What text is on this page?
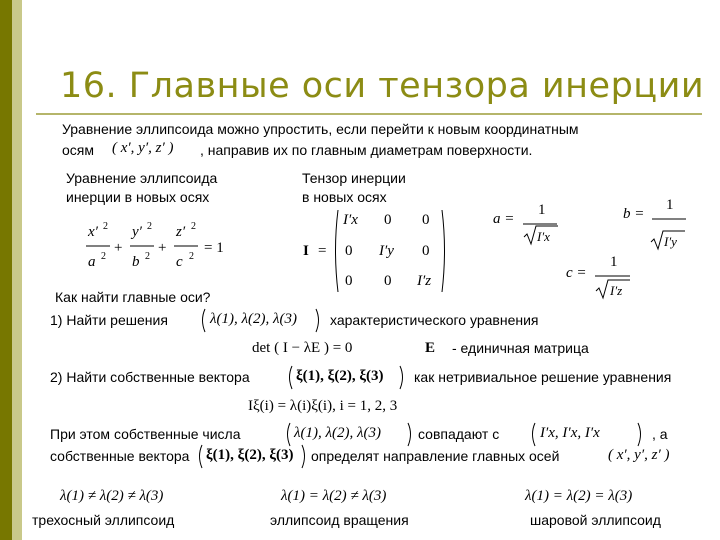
16. Главные оси тензора инерции
Уравнение эллипсоида можно упростить, если перейти к новым координатным
осям ( x′, y′, z′ ) , направив их по главным диаметрам поверхности.
Уравнение эллипсоида
инерции в новых осях
x′ 2
a 2
+
y′ 2
b 2
+
z′ 2
c 2
= 1
Тензор инерции
в новых осях
I =
I′x 0 0
0 I′y 0
0 0 I′z
a =
1
I′x
b =
1
I′y
c =
1
I′z
Как найти главные оси?
1) Найти решения	λ(1), λ(2), λ(3) характеристического уравнения
det ( I − λE ) = 0	E - единичная матрица
2) Найти собственные вектора	ξ(1), ξ(2), ξ(3) как нетривиальное решение уравнения
Iξ(i) = λ(i)ξ(i), i = 1, 2, 3
При этом собственные числа	λ(1), λ(2), λ(3)	совпадают с	I′x, I′x, I′x	, а
собственные вектора ξ(1), ξ(2), ξ(3) определят направление главных осей	( x′, y′, z′ )
λ(1) ≠ λ(2) ≠ λ(3)
трехосный эллипсоид
λ(1) = λ(2) ≠ λ(3)
эллипсоид вращения
λ(1) = λ(2) = λ(3)
шаровой эллипсоид
